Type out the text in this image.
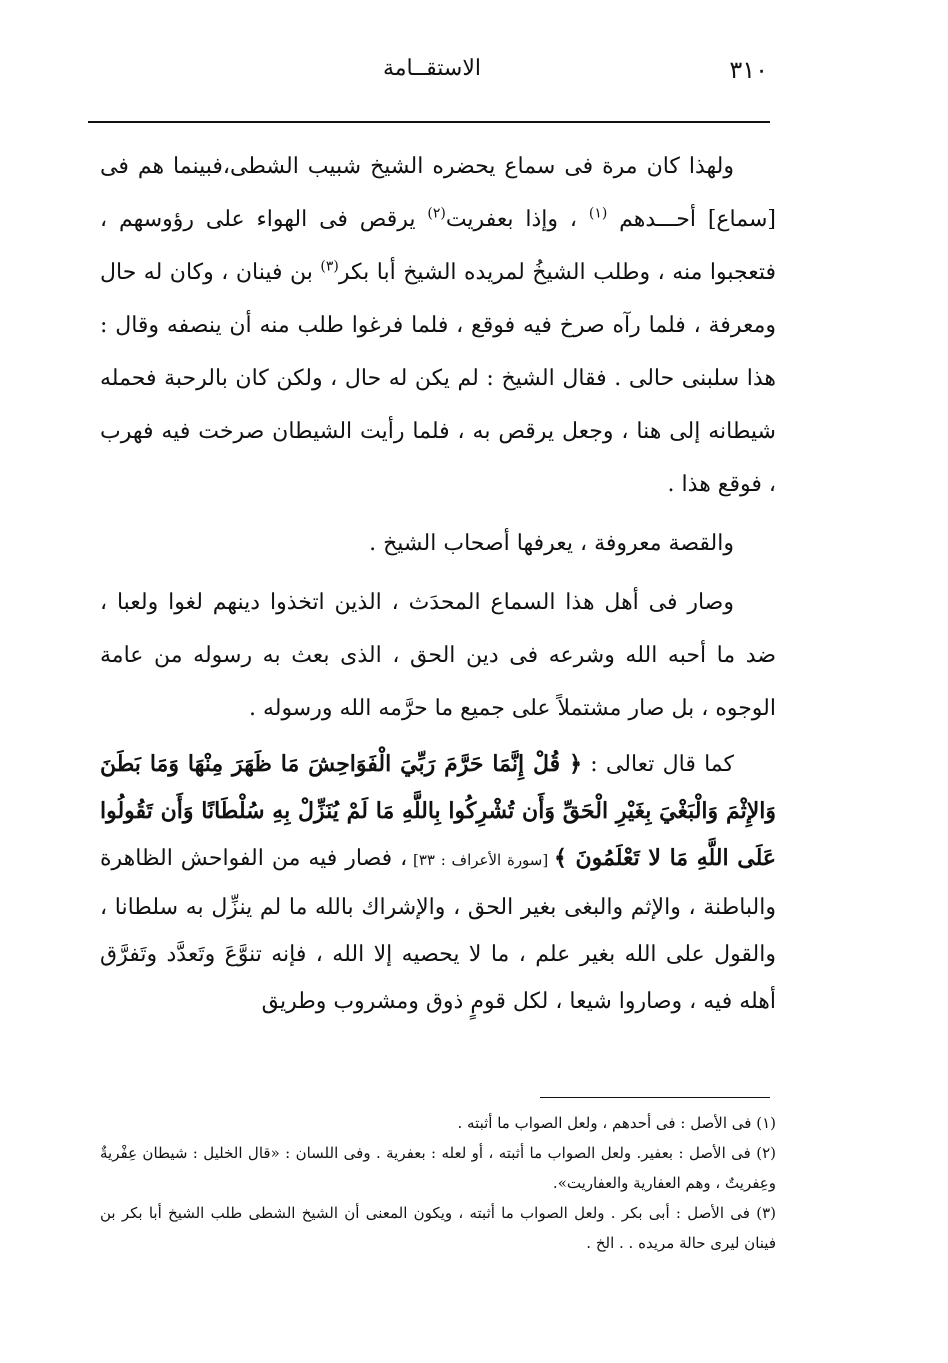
٣١٠
الاستقــامة

ولهذا كان مرة فى سماع يحضره الشيخ شبيب الشطى،فبينما هم فى [سماع] أحـــدهم $^{(١)}$ ، وإذا بعفريت$^{(٢)}$ يرقص فى الهواء على رؤوسهم ، فتعجبوا منه ، وطلب الشيخُ لمريده الشيخ أبا بكر$^{(٣)}$ بن فينان ، وكان له حال ومعرفة ، فلما رآه صرخ فيه فوقع ، فلما فرغوا طلب منه أن ينصفه وقال : هذا سلبنى حالى . فقال الشيخ : لم يكن له حال ، ولكن كان بالرحبة فحمله شيطانه إلى هنا ، وجعل يرقص به ، فلما رأيت الشيطان صرخت فيه فهرب ، فوقع هذا .

والقصة معروفة ، يعرفها أصحاب الشيخ .

وصار فى أهل هذا السماع المحدَث ، الذين اتخذوا دينهم لغوا ولعبا ، ضد ما أحبه الله وشرعه فى دين الحق ، الذى بعث به رسوله من عامة الوجوه ، بل صار مشتملاً على جميع ما حرَّمه الله ورسوله .

كما قال تعالى : ﴿ قُلْ إِنَّمَا حَرَّمَ رَبِّيَ الْفَوَاحِشَ مَا ظَهَرَ مِنْهَا وَمَا بَطَنَ وَالإِثْمَ وَالْبَغْيَ بِغَيْرِ الْحَقِّ وَأَن تُشْرِكُوا بِاللَّهِ مَا لَمْ يُنَزِّلْ بِهِ سُلْطَانًا وَأَن تَقُولُوا عَلَى اللَّهِ مَا لا تَعْلَمُونَ ﴾ [سورة الأعراف : ٣٣] ، فصار فيه من الفواحش الظاهرة والباطنة ، والإثم والبغى بغير الحق ، والإشراك بالله ما لم ينزِّل به سلطانا ، والقول على الله بغير علم ، ما لا يحصيه إلا الله ، فإنه تنوَّعَ وتَعدَّد وتَفرَّق أهله فيه ، وصاروا شيعا ، لكل قومٍ ذوق ومشروب وطريق

(١) فى الأصل : فى أحدهم ، ولعل الصواب ما أثبته .

(٢) فى الأصل : بعفير. ولعل الصواب ما أثبته ، أو لعله : بعفرية . وفى اللسان : «قال الخليل : شيطان عِفْريةٌ وعِفريتٌ ، وهم العفارية والعفاريت».

(٣) فى الأصل : أبى بكر . ولعل الصواب ما أثبته ، ويكون المعنى أن الشيخ الشطى طلب الشيخ أبا بكر بن فينان ليرى حالة مريده . . الخ .
